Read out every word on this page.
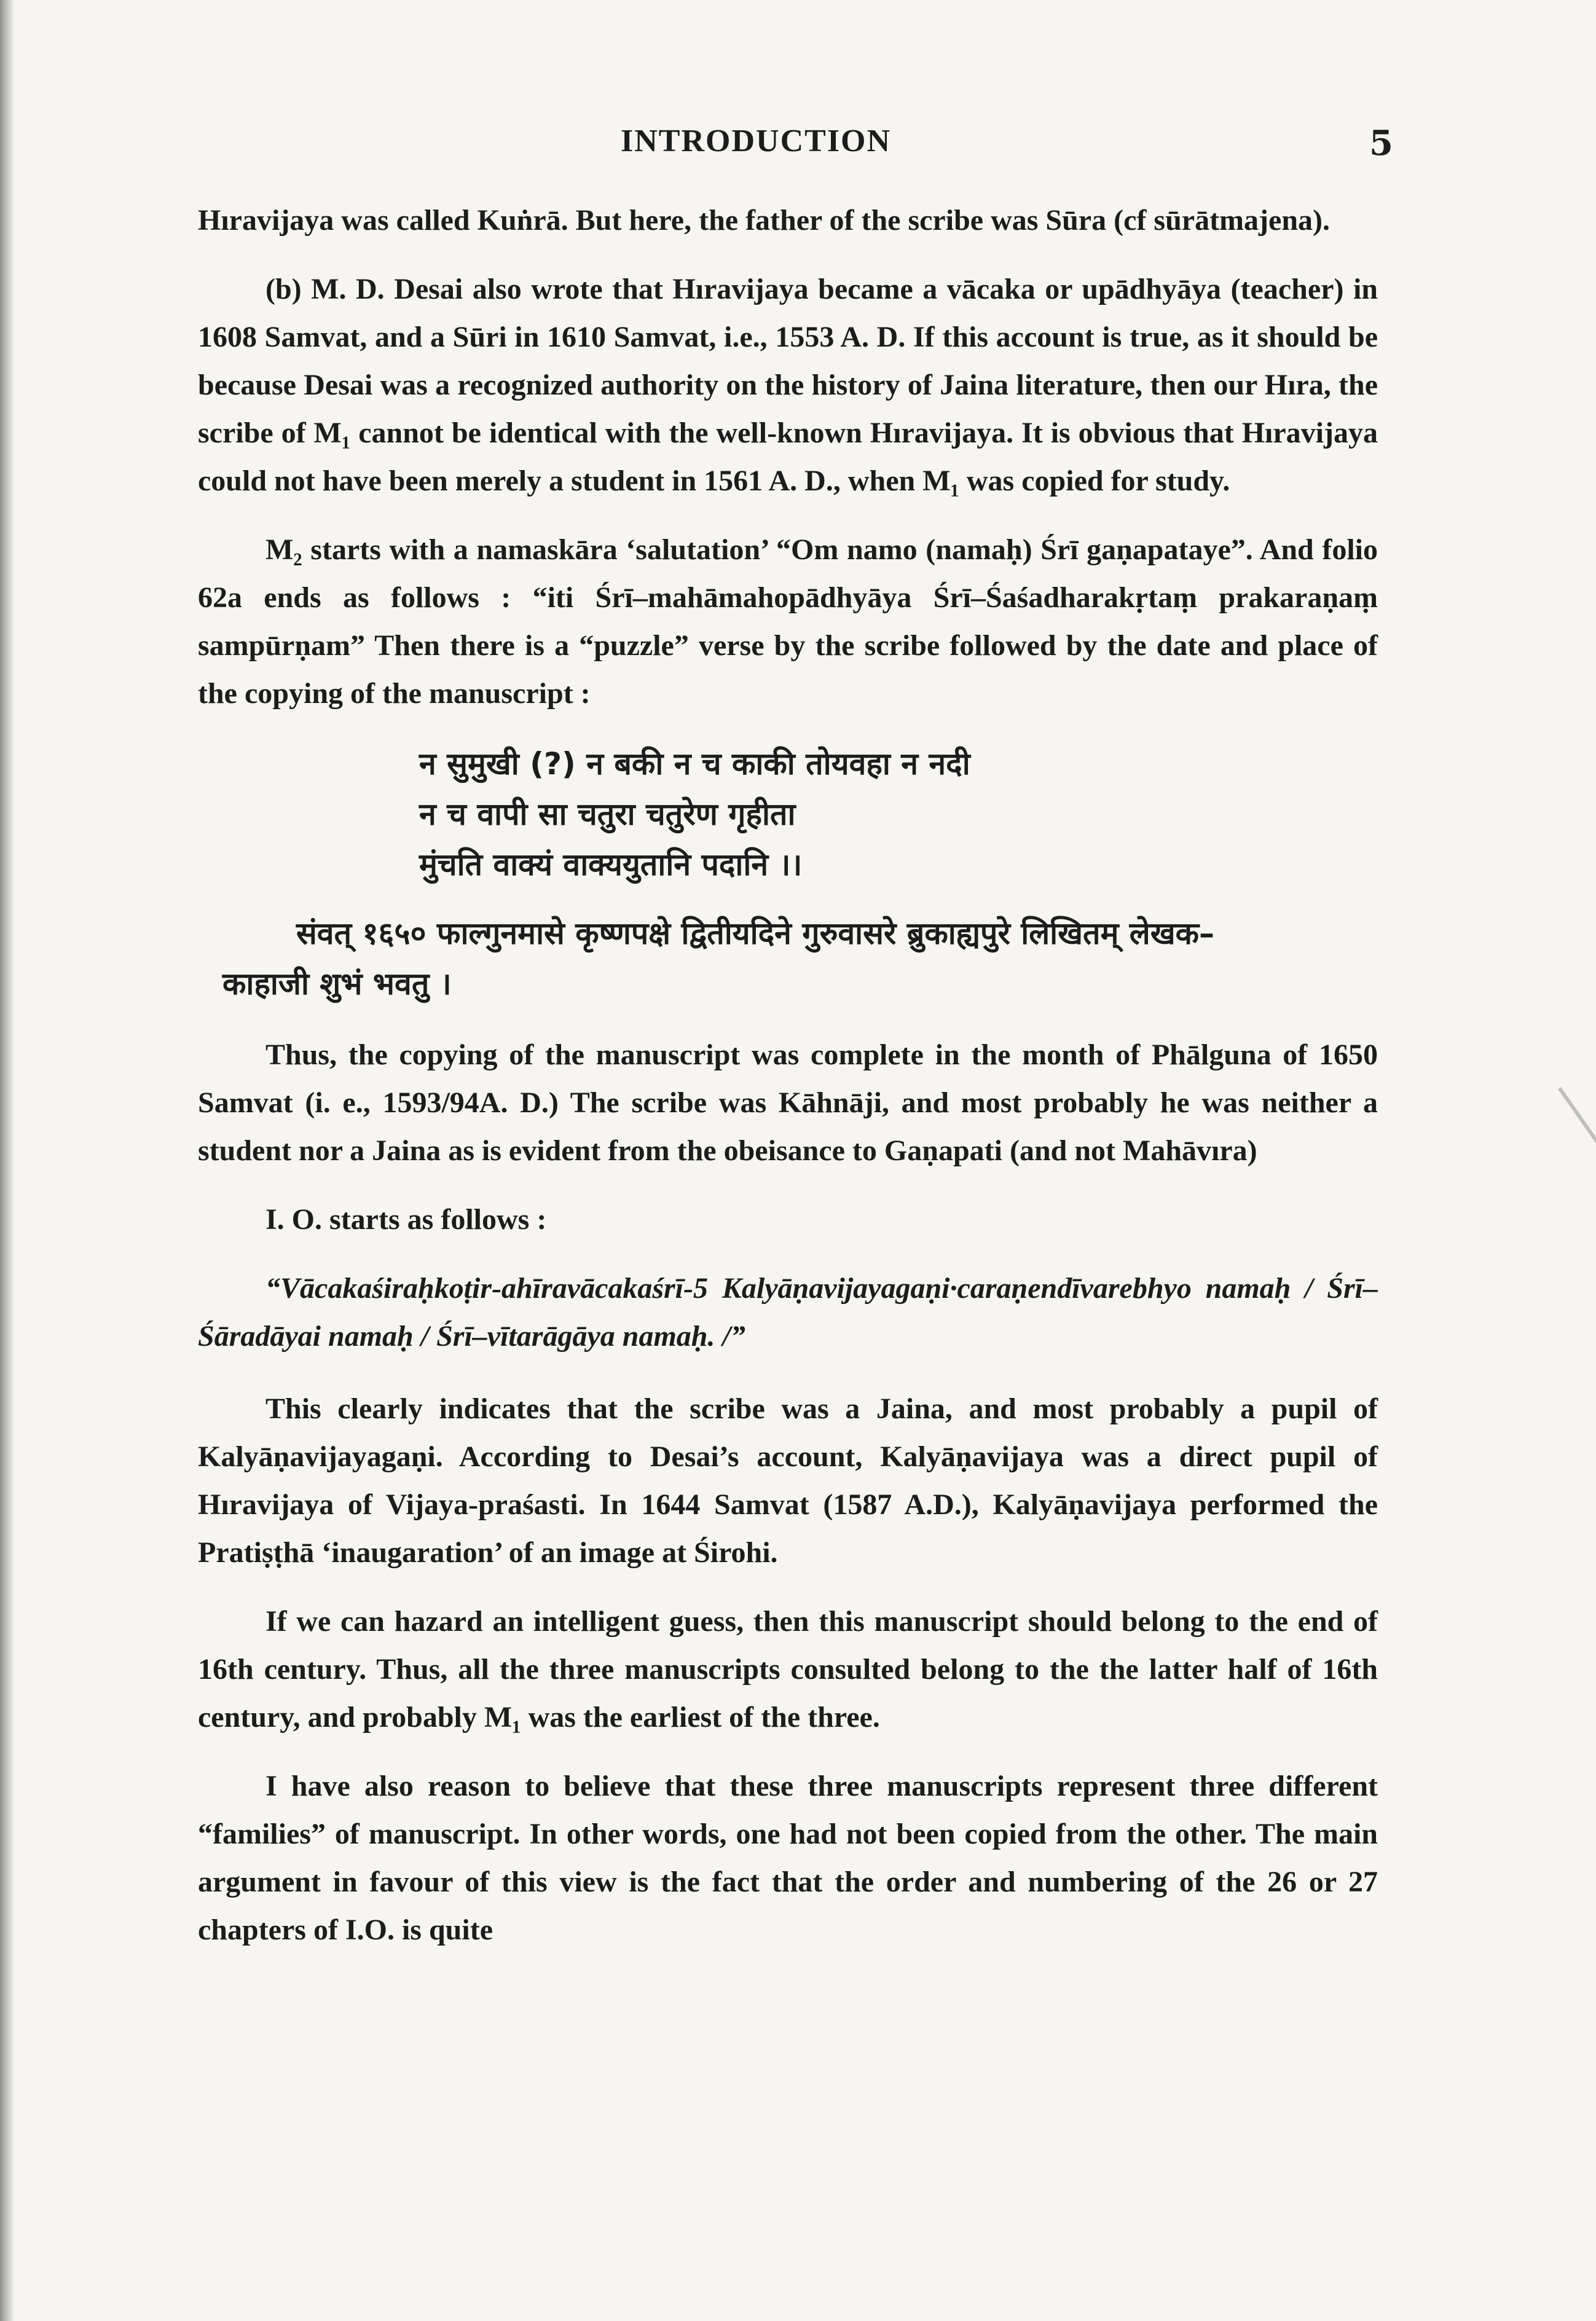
INTRODUCTION	5

Hıravijaya was called Kuṅrā. But here, the father of the scribe was Sūra (cf sūrātmajena).

(b) M. D. Desai also wrote that Hıravijaya became a vācaka or upādhyāya (teacher) in 1608 Samvat, and a Sūri in 1610 Samvat, i.e., 1553 A. D. If this account is true, as it should be because Desai was a recognized authority on the history of Jaina literature, then our Hıra, the scribe of M₁ cannot be identical with the well-known Hıravijaya. It is obvious that Hıravijaya could not have been merely a student in 1561 A. D., when M₁ was copied for study.

M₂ starts with a namaskāra ‘salutation’ “Om namo (namaḥ) Śrī gaṇapataye”. And folio 62a ends as follows : “iti Śrī–mahāmahopādhyāya Śrī–Śaśadharakṛtaṃ prakaraṇaṃ sampūrṇam” Then there is a “puzzle” verse by the scribe followed by the date and place of the copying of the manuscript :

न सुमुखी (?) न बकी न च काकी तोयवहा न नदी
न च वापी सा चतुरा चतुरेण गृहीता
मुंचति वाक्यं वाक्ययुतानि पदानि ।।
संवत् १६५० फाल्गुनमासे कृष्णपक्षे द्वितीयदिने गुरुवासरे ब्रुकाह्यपुरे लिखितम् लेखक–
काहाजी शुभं भवतु ।

Thus, the copying of the manuscript was complete in the month of Phālguna of 1650 Samvat (i. e., 1593/94A. D.) The scribe was Kāhnāji, and most probably he was neither a student nor a Jaina as is evident from the obeisance to Gaṇapati (and not Mahāvıra)

I. O. starts as follows :

“Vācakaśiraḥkoṭir-ahīravācakaśrī-5 Kalyāṇavijayagaṇi·caraṇendīvarebhyo namaḥ / Śrī–Śāradāyai namaḥ / Śrī–vītarāgāya namaḥ. /”

This clearly indicates that the scribe was a Jaina, and most probably a pupil of Kalyāṇavijayagaṇi. According to Desai’s account, Kalyāṇavijaya was a direct pupil of Hıravijaya of Vijaya-praśasti. In 1644 Samvat (1587 A.D.), Kalyāṇavijaya performed the Pratiṣṭhā ‘inaugaration’ of an image at Śirohi.

If we can hazard an intelligent guess, then this manuscript should belong to the end of 16th century. Thus, all the three manuscripts consulted belong to the the latter half of 16th century, and probably M₁ was the earliest of the three.

I have also reason to believe that these three manuscripts represent three different “families” of manuscript. In other words, one had not been copied from the other. The main argument in favour of this view is the fact that the order and numbering of the 26 or 27 chapters of I.O. is quite
